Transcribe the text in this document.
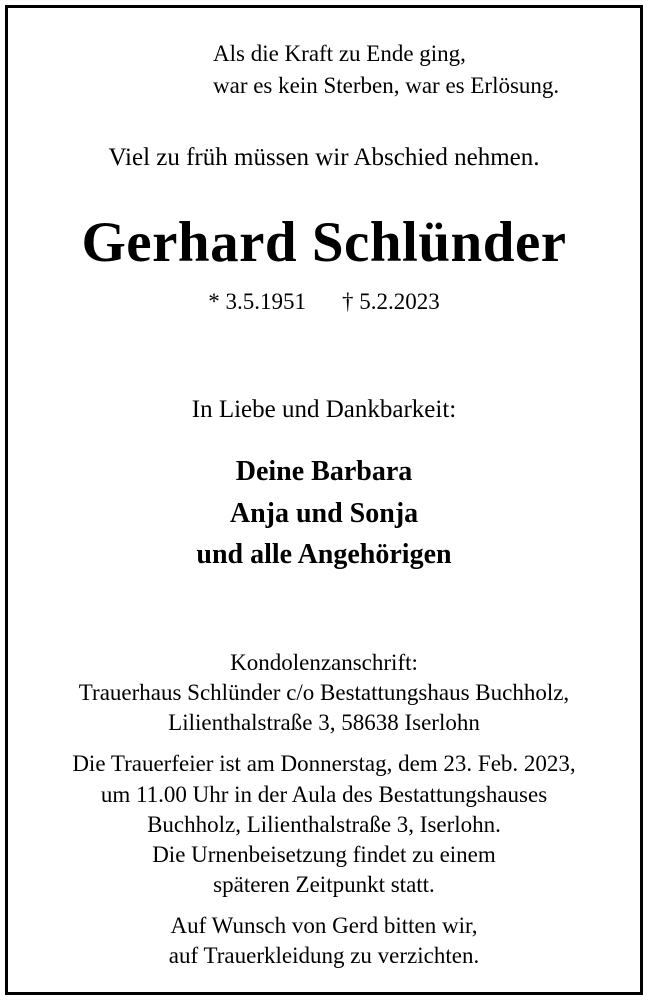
Als die Kraft zu Ende ging,
war es kein Sterben, war es Erlösung.
Viel zu früh müssen wir Abschied nehmen.
Gerhard Schlünder
* 3.5.1951 † 5.2.2023
In Liebe und Dankbarkeit:
Deine Barbara
Anja und Sonja
und alle Angehörigen
Kondolenzanschrift:
Trauerhaus Schlünder c/o Bestattungshaus Buchholz,
Lilienthalstraße 3, 58638 Iserlohn
Die Trauerfeier ist am Donnerstag, dem 23. Feb. 2023,
um 11.00 Uhr in der Aula des Bestattungshauses
Buchholz, Lilienthalstraße 3, Iserlohn.
Die Urnenbeisetzung findet zu einem
späteren Zeitpunkt statt.
Auf Wunsch von Gerd bitten wir,
auf Trauerkleidung zu verzichten.
